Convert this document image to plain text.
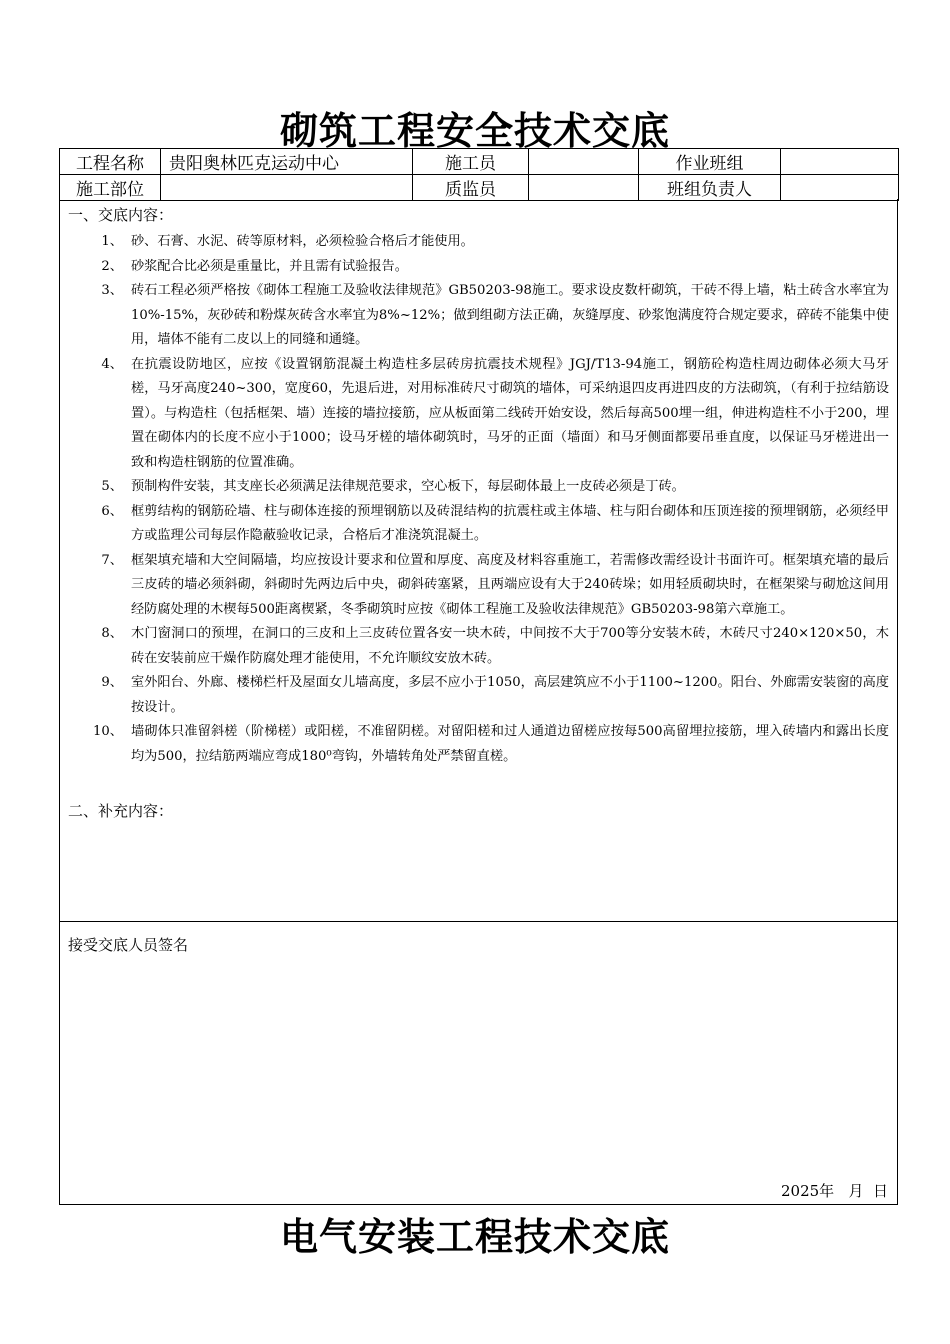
砌筑工程安全技术交底
工程名称	贵阳奥林匹克运动中心	施工员		作业班组	
施工部位		质监员		班组负责人	
一、交底内容：
1、 砂、石膏、水泥、砖等原材料，必须检验合格后才能使用。
2、 砂浆配合比必须是重量比，并且需有试验报告。
3、 砖石工程必须严格按《砌体工程施工及验收法律规范》GB50203-98施工。要求设皮数杆砌筑，干砖不得上墙，粘土砖含水率宜为10%-15%，灰砂砖和粉煤灰砖含水率宜为8%~12%；做到组砌方法正确，灰缝厚度、砂浆饱满度符合规定要求，碎砖不能集中使用，墙体不能有二皮以上的同缝和通缝。
4、 在抗震设防地区，应按《设置钢筋混凝土构造柱多层砖房抗震技术规程》JGJ/T13-94施工，钢筋砼构造柱周边砌体必须大马牙槎，马牙高度240~300，宽度60，先退后进，对用标准砖尺寸砌筑的墙体，可采纳退四皮再进四皮的方法砌筑，（有利于拉结筋设置）。与构造柱（包括框架、墙）连接的墙拉接筋，应从板面第二线砖开始安设，然后每高500埋一组，伸进构造柱不小于200，埋置在砌体内的长度不应小于1000；设马牙槎的墙体砌筑时，马牙的正面（墙面）和马牙侧面都要吊垂直度，以保证马牙槎进出一致和构造柱钢筋的位置准确。
5、 预制构件安装，其支座长必须满足法律规范要求，空心板下，每层砌体最上一皮砖必须是丁砖。
6、 框剪结构的钢筋砼墙、柱与砌体连接的预埋钢筋以及砖混结构的抗震柱或主体墙、柱与阳台砌体和压顶连接的预埋钢筋，必须经甲方或监理公司每层作隐蔽验收记录，合格后才准浇筑混凝土。
7、 框架填充墙和大空间隔墙，均应按设计要求和位置和厚度、高度及材料容重施工，若需修改需经设计书面许可。框架填充墙的最后三皮砖的墙必须斜砌，斜砌时先两边后中央，砌斜砖塞紧，且两端应设有大于240砖垛；如用轻质砌块时，在框架梁与砌尬这间用经防腐处理的木楔每500距离楔紧，冬季砌筑时应按《砌体工程施工及验收法律规范》GB50203-98第六章施工。
8、 木门窗洞口的预埋，在洞口的三皮和上三皮砖位置各安一块木砖，中间按不大于700等分安装木砖，木砖尺寸240×120×50，木砖在安装前应干燥作防腐处理才能使用，不允许顺纹安放木砖。
9、 室外阳台、外廊、楼梯栏杆及屋面女儿墙高度，多层不应小于1050，高层建筑应不小于1100~1200。阳台、外廊需安装窗的高度按设计。
10、 墙砌体只准留斜槎（阶梯槎）或阳槎，不准留阴槎。对留阳槎和过人通道边留槎应按每500高留埋拉接筋，埋入砖墙内和露出长度均为500，拉结筋两端应弯成180⁰弯钩，外墙转角处严禁留直槎。
二、补充内容：
接受交底人员签名
2025年   月  日
电气安装工程技术交底
